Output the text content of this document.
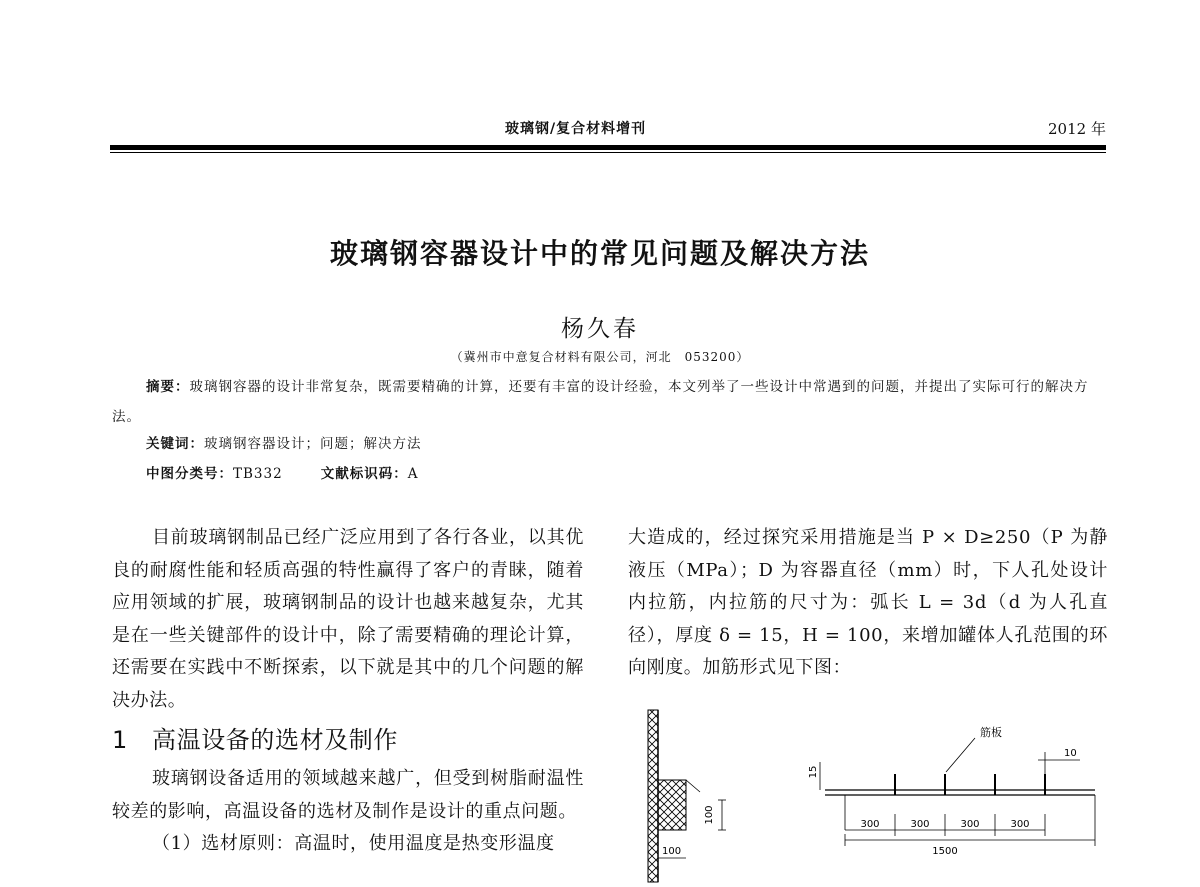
玻璃钢/复合材料增刊	2012 年
玻璃钢容器设计中的常见问题及解决方法
杨久春
（冀州市中意复合材料有限公司，河北　053200）
摘要：玻璃钢容器的设计非常复杂，既需要精确的计算，还要有丰富的设计经验，本文列举了一些设计中常遇到的问题，并提出了实际可行的解决方法。
关键词：玻璃钢容器设计；问题；解决方法
中图分类号：TB332	文献标识码：A

目前玻璃钢制品已经广泛应用到了各行各业，以其优良的耐腐性能和轻质高强的特性赢得了客户的青睐，随着应用领域的扩展，玻璃钢制品的设计也越来越复杂，尤其是在一些关键部件的设计中，除了需要精确的理论计算，还需要在实践中不断探索，以下就是其中的几个问题的解决办法。

1 高温设备的选材及制作

玻璃钢设备适用的领域越来越广，但受到树脂耐温性较差的影响，高温设备的选材及制作是设计的重点问题。

（1）选材原则：高温时，使用温度是热变形温度

大造成的，经过探究采用措施是当 P × D≥250（P 为静液压（MPa）；D 为容器直径（mm）时，下人孔处设计内拉筋，内拉筋的尺寸为：弧长 L = 3d（d 为人孔直径），厚度 δ = 15，H = 100，来增加罐体人孔范围的环向刚度。加筋形式见下图：

100
100
300	300	300	300
1500
15
筋板
10
